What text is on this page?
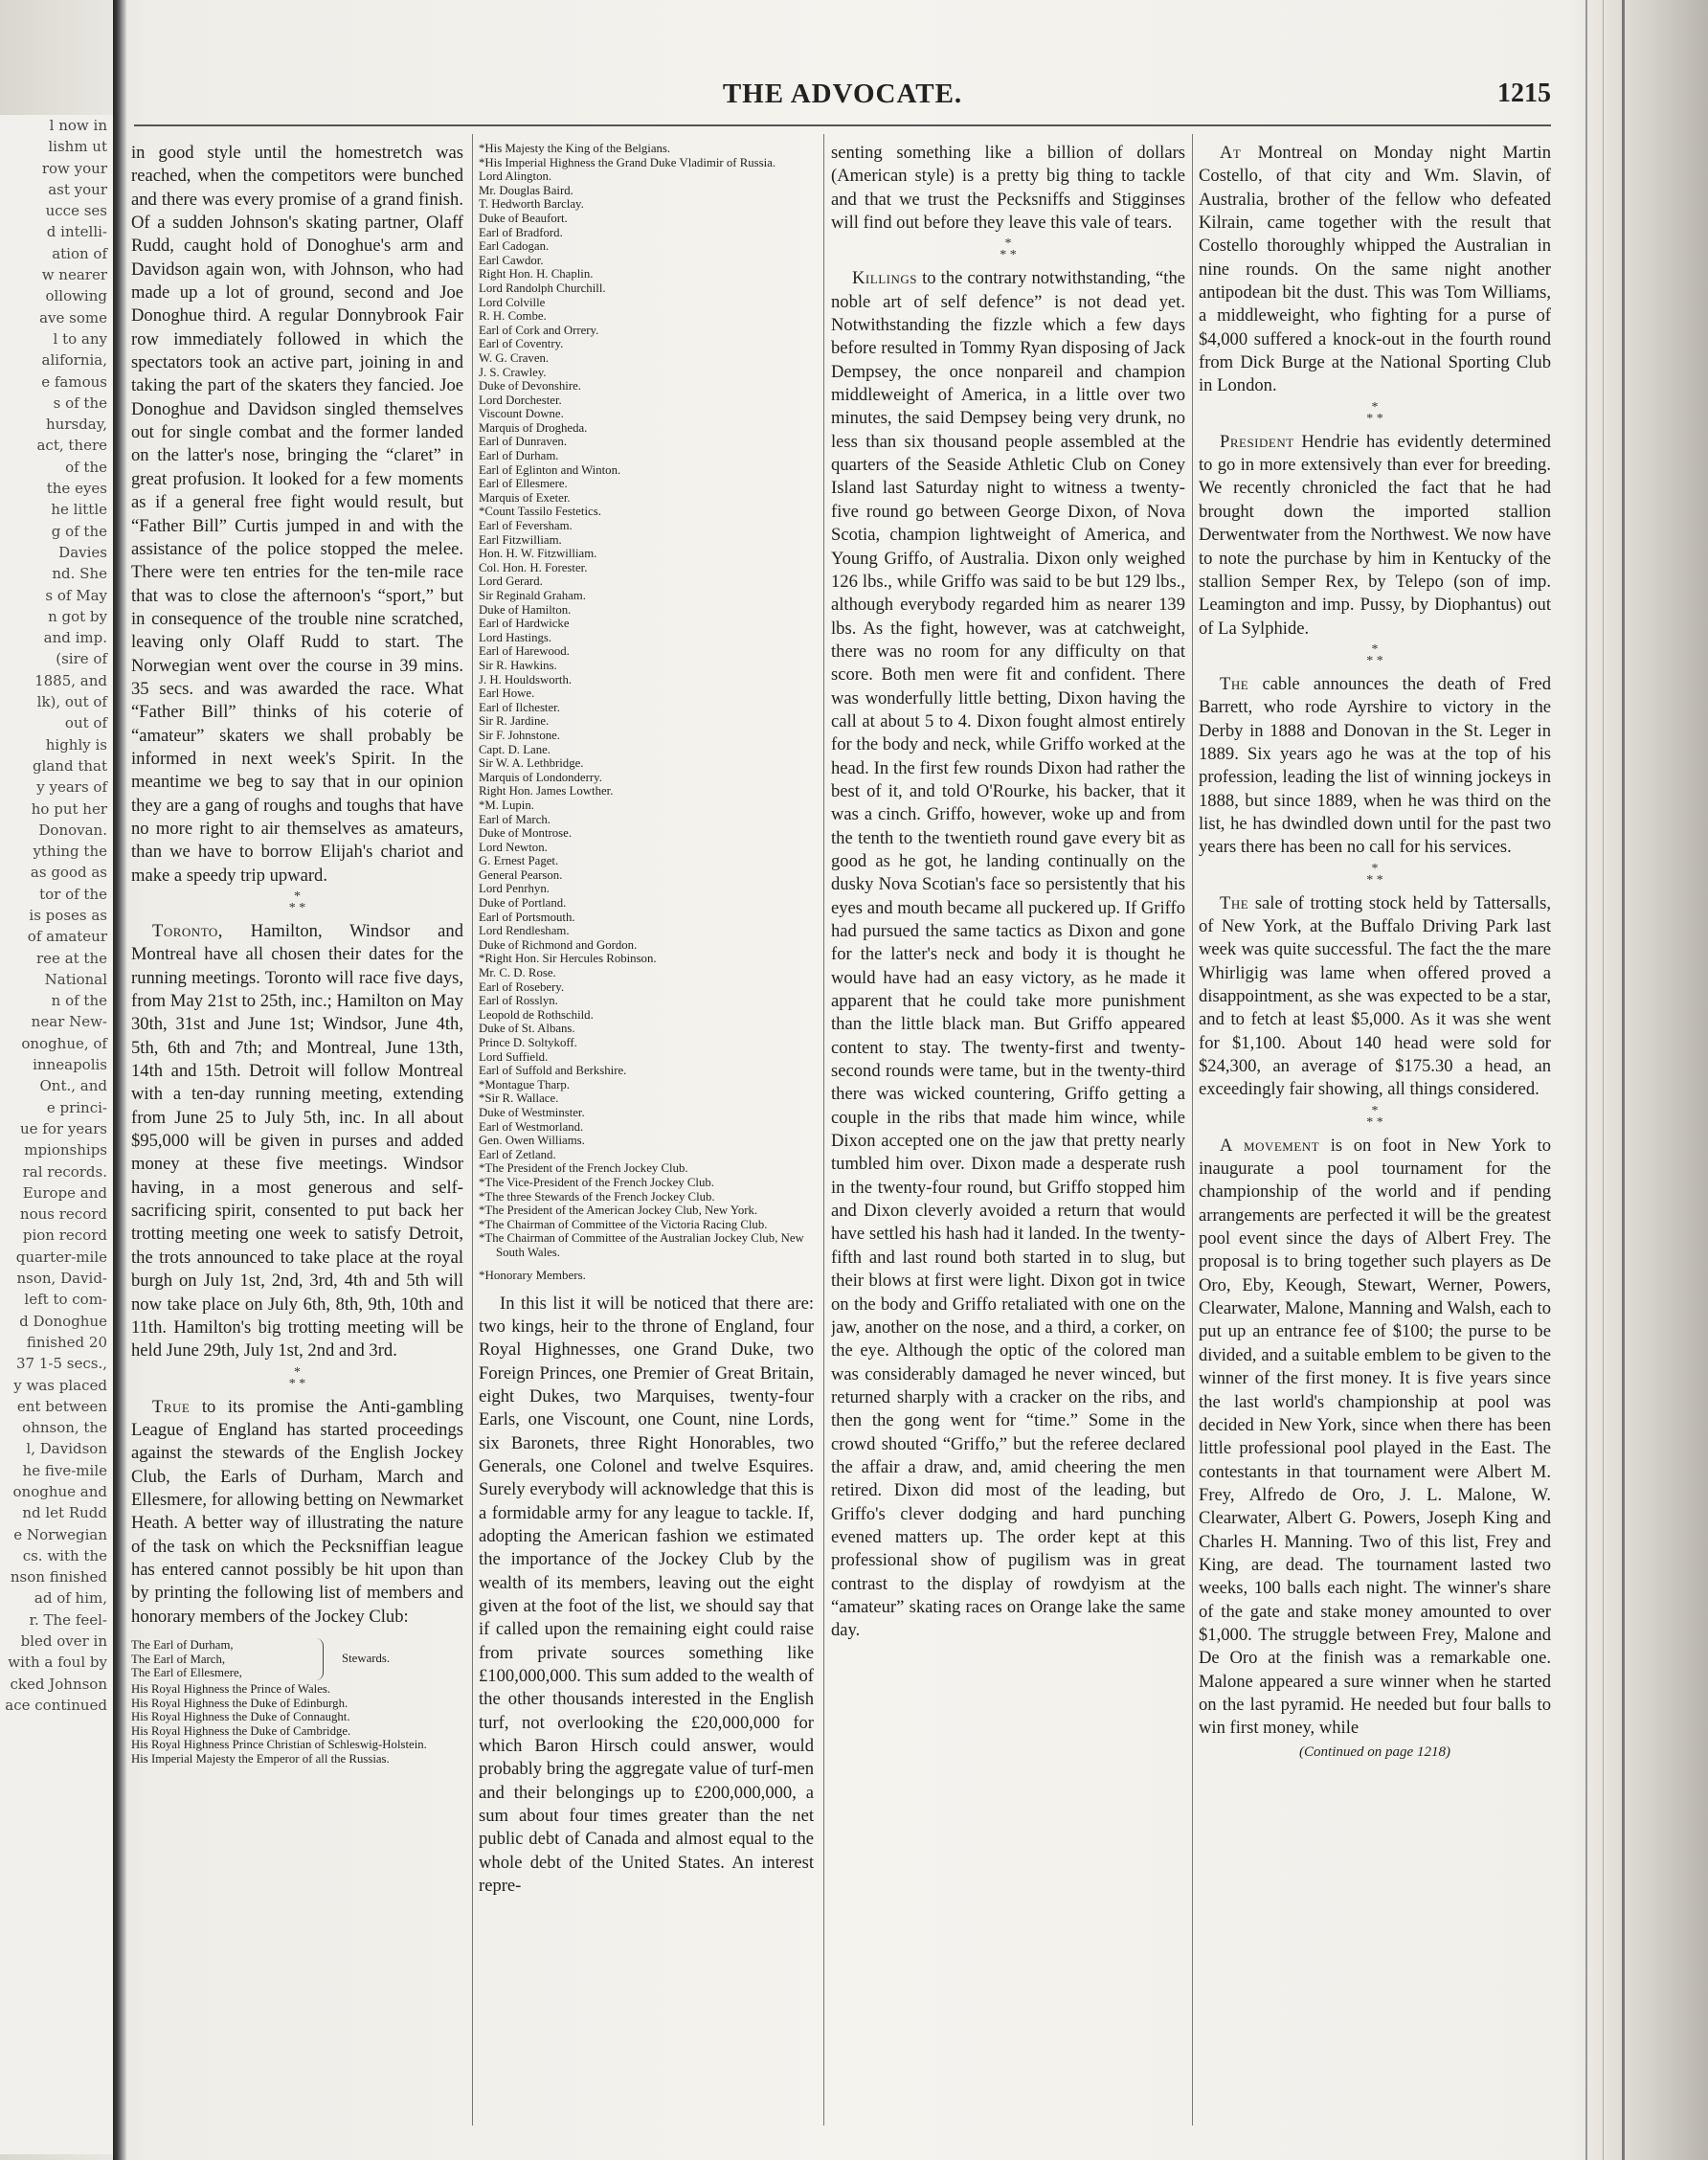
l now in
lishm ut
row your
ast your
ucce ses
d intelli-
ation of
w nearer
ollowing
ave some
l to any
alifornia,
e famous
s of the
hursday,
act, there
of the
the eyes
he little
g of the
Davies
nd. She
s of May
n got by
and imp.
(sire of
1885, and
lk), out of
out of
highly is
gland that
y years of
ho put her
Donovan.
ything the
as good as
tor of the
is poses as
of amateur
ree at the
National
n of the
near New-
onoghue, of
inneapolis
Ont., and
e princi-
ue for years
mpionships
ral records.
Europe and
nous record
pion record
quarter-mile
nson, David-
left to com-
d Donoghue
finished 20
37 1-5 secs.,
y was placed
ent between
ohnson, the
l, Davidson
he five-mile
onoghue and
nd let Rudd
e Norwegian
cs. with the
nson finished
ad of him,
r. The feel-
bled over in
with a foul by
cked Johnson
ace continued
THE ADVOCATE.	1215

in good style until the homestretch was reached, when the competitors were bunched and there was every promise of a grand finish. Of a sudden Johnson's skating partner, Olaff Rudd, caught hold of Donoghue's arm and Davidson again won, with Johnson, who had made up a lot of ground, second and Joe Donoghue third. A regular Donnybrook Fair row immediately followed in which the spectators took an active part, joining in and taking the part of the skaters they fancied. Joe Donoghue and Davidson singled themselves out for single combat and the former landed on the latter's nose, bringing the “claret” in great profusion. It looked for a few moments as if a general free fight would result, but “Father Bill” Curtis jumped in and with the assistance of the police stopped the melee. There were ten entries for the ten-mile race that was to close the afternoon's “sport,” but in consequence of the trouble nine scratched, leaving only Olaff Rudd to start. The Norwegian went over the course in 39 mins. 35 secs. and was awarded the race. What “Father Bill” thinks of his coterie of “amateur” skaters we shall probably be informed in next week's Spirit. In the meantime we beg to say that in our opinion they are a gang of roughs and toughs that have no more right to air themselves as amateurs, than we have to borrow Elijah's chariot and make a speedy trip upward.

*
* *

Toronto, Hamilton, Windsor and Montreal have all chosen their dates for the running meetings. Toronto will race five days, from May 21st to 25th, inc.; Hamilton on May 30th, 31st and June 1st; Windsor, June 4th, 5th, 6th and 7th; and Montreal, June 13th, 14th and 15th. Detroit will follow Montreal with a ten-day running meeting, extending from June 25 to July 5th, inc. In all about $95,000 will be given in purses and added money at these five meetings. Windsor having, in a most generous and self-sacrificing spirit, consented to put back her trotting meeting one week to satisfy Detroit, the trots announced to take place at the royal burgh on July 1st, 2nd, 3rd, 4th and 5th will now take place on July 6th, 8th, 9th, 10th and 11th. Hamilton's big trotting meeting will be held June 29th, July 1st, 2nd and 3rd.

*
* *

True to its promise the Anti-gambling League of England has started proceedings against the stewards of the English Jockey Club, the Earls of Durham, March and Ellesmere, for allowing betting on Newmarket Heath. A better way of illustrating the nature of the task on which the Pecksniffian league has entered cannot possibly be hit upon than by printing the following list of members and honorary members of the Jockey Club:

The Earl of Durham,
The Earl of March,
The Earl of Ellesmere,
Stewards.
His Royal Highness the Prince of Wales.
His Royal Highness the Duke of Edinburgh.
His Royal Highness the Duke of Connaught.
His Royal Highness the Duke of Cambridge.
His Royal Highness Prince Christian of Schleswig-Holstein.
His Imperial Majesty the Emperor of all the Russias.
*His Majesty the King of the Belgians.
*His Imperial Highness the Grand Duke Vladimir of Russia.
Lord Alington.
Mr. Douglas Baird.
T. Hedworth Barclay.
Duke of Beaufort.
Earl of Bradford.
Earl Cadogan.
Earl Cawdor.
Right Hon. H. Chaplin.
Lord Randolph Churchill.
Lord Colville
R. H. Combe.
Earl of Cork and Orrery.
Earl of Coventry.
W. G. Craven.
J. S. Crawley.
Duke of Devonshire.
Lord Dorchester.
Viscount Downe.
Marquis of Drogheda.
Earl of Dunraven.
Earl of Durham.
Earl of Eglinton and Winton.
Earl of Ellesmere.
Marquis of Exeter.
*Count Tassilo Festetics.
Earl of Feversham.
Earl Fitzwilliam.
Hon. H. W. Fitzwilliam.
Col. Hon. H. Forester.
Lord Gerard.
Sir Reginald Graham.
Duke of Hamilton.
Earl of Hardwicke
Lord Hastings.
Earl of Harewood.
Sir R. Hawkins.
J. H. Houldsworth.
Earl Howe.
Earl of Ilchester.
Sir R. Jardine.
Sir F. Johnstone.
Capt. D. Lane.
Sir W. A. Lethbridge.
Marquis of Londonderry.
Right Hon. James Lowther.
*M. Lupin.
Earl of March.
Duke of Montrose.
Lord Newton.
G. Ernest Paget.
General Pearson.
Lord Penrhyn.
Duke of Portland.
Earl of Portsmouth.
Lord Rendlesham.
Duke of Richmond and Gordon.
*Right Hon. Sir Hercules Robinson.
Mr. C. D. Rose.
Earl of Rosebery.
Earl of Rosslyn.
Leopold de Rothschild.
Duke of St. Albans.
Prince D. Soltykoff.
Lord Suffield.
Earl of Suffold and Berkshire.
*Montague Tharp.
*Sir R. Wallace.
Duke of Westminster.
Earl of Westmorland.
Gen. Owen Williams.
Earl of Zetland.
*The President of the French Jockey Club.
*The Vice-President of the French Jockey Club.
*The three Stewards of the French Jockey Club.
*The President of the American Jockey Club, New York.
*The Chairman of Committee of the Victoria Racing Club.
*The Chairman of Committee of the Australian Jockey Club, New South Wales.
*Honorary Members.

In this list it will be noticed that there are: two kings, heir to the throne of England, four Royal Highnesses, one Grand Duke, two Foreign Princes, one Premier of Great Britain, eight Dukes, two Marquises, twenty-four Earls, one Viscount, one Count, nine Lords, six Baronets, three Right Honorables, two Generals, one Colonel and twelve Esquires. Surely everybody will acknowledge that this is a formidable army for any league to tackle. If, adopting the American fashion we estimated the importance of the Jockey Club by the wealth of its members, leaving out the eight given at the foot of the list, we should say that if called upon the remaining eight could raise from private sources something like £100,000,000. This sum added to the wealth of the other thousands interested in the English turf, not overlooking the £20,000,000 for which Baron Hirsch could answer, would probably bring the aggregate value of turf-men and their belongings up to £200,000,000, a sum about four times greater than the net public debt of Canada and almost equal to the whole debt of the United States. An interest repre-

senting something like a billion of dollars (American style) is a pretty big thing to tackle and that we trust the Pecksniffs and Stigginses will find out before they leave this vale of tears.

*
* *

Killings to the contrary notwithstanding, “the noble art of self defence” is not dead yet. Notwithstanding the fizzle which a few days before resulted in Tommy Ryan disposing of Jack Dempsey, the once nonpareil and champion middleweight of America, in a little over two minutes, the said Dempsey being very drunk, no less than six thousand people assembled at the quarters of the Seaside Athletic Club on Coney Island last Saturday night to witness a twenty-five round go between George Dixon, of Nova Scotia, champion lightweight of America, and Young Griffo, of Australia. Dixon only weighed 126 lbs., while Griffo was said to be but 129 lbs., although everybody regarded him as nearer 139 lbs. As the fight, however, was at catchweight, there was no room for any difficulty on that score. Both men were fit and confident. There was wonderfully little betting, Dixon having the call at about 5 to 4. Dixon fought almost entirely for the body and neck, while Griffo worked at the head. In the first few rounds Dixon had rather the best of it, and told O'Rourke, his backer, that it was a cinch. Griffo, however, woke up and from the tenth to the twentieth round gave every bit as good as he got, he landing continually on the dusky Nova Scotian's face so persistently that his eyes and mouth became all puckered up. If Griffo had pursued the same tactics as Dixon and gone for the latter's neck and body it is thought he would have had an easy victory, as he made it apparent that he could take more punishment than the little black man. But Griffo appeared content to stay. The twenty-first and twenty-second rounds were tame, but in the twenty-third there was wicked countering, Griffo getting a couple in the ribs that made him wince, while Dixon accepted one on the jaw that pretty nearly tumbled him over. Dixon made a desperate rush in the twenty-four round, but Griffo stopped him and Dixon cleverly avoided a return that would have settled his hash had it landed. In the twenty-fifth and last round both started in to slug, but their blows at first were light. Dixon got in twice on the body and Griffo retaliated with one on the jaw, another on the nose, and a third, a corker, on the eye. Although the optic of the colored man was considerably damaged he never winced, but returned sharply with a cracker on the ribs, and then the gong went for “time.” Some in the crowd shouted “Griffo,” but the referee declared the affair a draw, and, amid cheering the men retired. Dixon did most of the leading, but Griffo's clever dodging and hard punching evened matters up. The order kept at this professional show of pugilism was in great contrast to the display of rowdyism at the “amateur” skating races on Orange lake the same day.

At Montreal on Monday night Martin Costello, of that city and Wm. Slavin, of Australia, brother of the fellow who defeated Kilrain, came together with the result that Costello thoroughly whipped the Australian in nine rounds. On the same night another antipodean bit the dust. This was Tom Williams, a middleweight, who fighting for a purse of $4,000 suffered a knock-out in the fourth round from Dick Burge at the National Sporting Club in London.

*
* *

President Hendrie has evidently determined to go in more extensively than ever for breeding. We recently chronicled the fact that he had brought down the imported stallion Derwentwater from the Northwest. We now have to note the purchase by him in Kentucky of the stallion Semper Rex, by Telepo (son of imp. Leamington and imp. Pussy, by Diophantus) out of La Sylphide.

*
* *

The cable announces the death of Fred Barrett, who rode Ayrshire to victory in the Derby in 1888 and Donovan in the St. Leger in 1889. Six years ago he was at the top of his profession, leading the list of winning jockeys in 1888, but since 1889, when he was third on the list, he has dwindled down until for the past two years there has been no call for his services.

*
* *

The sale of trotting stock held by Tattersalls, of New York, at the Buffalo Driving Park last week was quite successful. The fact the the mare Whirligig was lame when offered proved a disappointment, as she was expected to be a star, and to fetch at least $5,000. As it was she went for $1,100. About 140 head were sold for $24,300, an average of $175.30 a head, an exceedingly fair showing, all things considered.

*
* *

A movement is on foot in New York to inaugurate a pool tournament for the championship of the world and if pending arrangements are perfected it will be the greatest pool event since the days of Albert Frey. The proposal is to bring together such players as De Oro, Eby, Keough, Stewart, Werner, Powers, Clearwater, Malone, Manning and Walsh, each to put up an entrance fee of $100; the purse to be divided, and a suitable emblem to be given to the winner of the first money. It is five years since the last world's championship at pool was decided in New York, since when there has been little professional pool played in the East. The contestants in that tournament were Albert M. Frey, Alfredo de Oro, J. L. Malone, W. Clearwater, Albert G. Powers, Joseph King and Charles H. Manning. Two of this list, Frey and King, are dead. The tournament lasted two weeks, 100 balls each night. The winner's share of the gate and stake money amounted to over $1,000. The struggle between Frey, Malone and De Oro at the finish was a remarkable one. Malone appeared a sure winner when he started on the last pyramid. He needed but four balls to win first money, while

(Continued on page 1218)
